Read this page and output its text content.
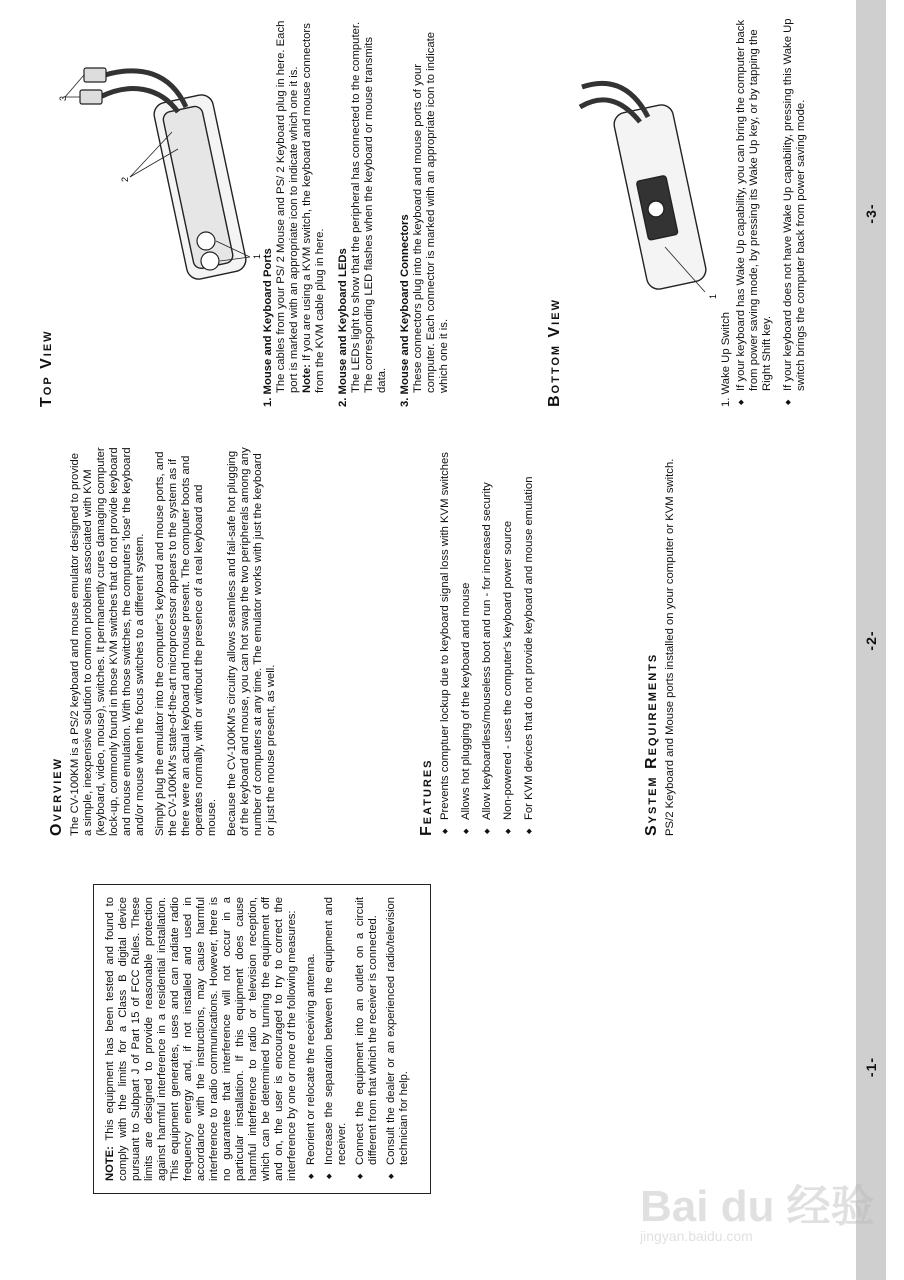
NOTE: This equipment has been tested and found to comply with the limits for a Class B digital device pursuant to Subpart J of Part 15 of FCC Rules. These limits are designed to provide reasonable protection against harmful interference in a residential installation. This equipment generates, uses and can radiate radio frequency energy and, if not installed and used in accordance with the instructions, may cause harmful interference to radio communications. However, there is no guarantee that interference will not occur in a particular installation. If this equipment does cause harmful interference to radio or television reception, which can be determined by turning the equipment off and on, the user is encouraged to try to correct the interference by one or more of the following measures: ◆ Reorient or relocate the receiving antenna. ◆ Increase the separation between the equipment and receiver. ◆ Connect the equipment into an outlet on a circuit different from that which the receiver is connected. ◆ Consult the dealer or an experienced radio/television technician for help.
-1-
Overview The CV-100KM is a PS/2 keyboard and mouse emulator designed to provide a simple, inexpensive solution to common problems associated with KVM (keyboard, video, mouse), switches. It permanently cures damaging computer lock-up, commonly found in those KVM switches that do not provide keyboard and mouse emulation. With those switches, the computers 'lose' the keyboard and/or mouse when the focus switches to a different system. Simply plug the emulator into the computer's keyboard and mouse ports, and the CV-100KM's state-of-the-art microprocessor appears to the system as if there were an actual keyboard and mouse present. The computer boots and operates normally, with or without the presence of a real keyboard and mouse. Because the CV-100KM's circuitry allows seamless and fail-safe hot plugging of the keyboard and mouse, you can hot swap the two peripherals among any number of computers at any time. The emulator works with just the keyboard or just the mouse present, as well.	Features ◆ Prevents comptuer lockup due to keyboard signal loss with KVM switches ◆ Allows hot plugging of the keyboard and mouse ◆ Allow keyboardless/mouseless boot and run - for increased security ◆ Non-powered - uses the computer's keyboard power source ◆ For KVM devices that do not provide keyboard and mouse emulation	System Requirements PS/2 Keyboard and Mouse ports installed on your computer or KVM switch.	-2-
Top View
2
1
3
1. Mouse and Keyboard Ports The cables from your PS/ 2 Mouse and PS/ 2 Keyboard plug in here. Each port is marked with an appropriate icon to indicate which one it is. Note: If you are using a KVM switch, the keyboard and mouse connectors from the KVM cable plug in here.
2. Mouse and Keyboard LEDs The LEDs light to show that the peripheral has connected to the computer. The corresponding LED flashes when the keyboard or mouse transmits data.
3. Mouse and Keyboard Connectors These connectors plug into the keyboard and mouse ports of your computer. Each connector is marked with an appropriate icon to indicate which one it is.	Bottom View
1
1. Wake Up Switch ◆ If your keyboard has Wake Up capability, you can bring the computer back from power saving mode, by pressing its Wake Up key, or by tapping the Right Shift key. ◆ If your keyboard does not have Wake Up capability, pressing this Wake Up switch brings the computer back from power saving mode.	-3-
Bai du 经验
jingyan.baidu.com
